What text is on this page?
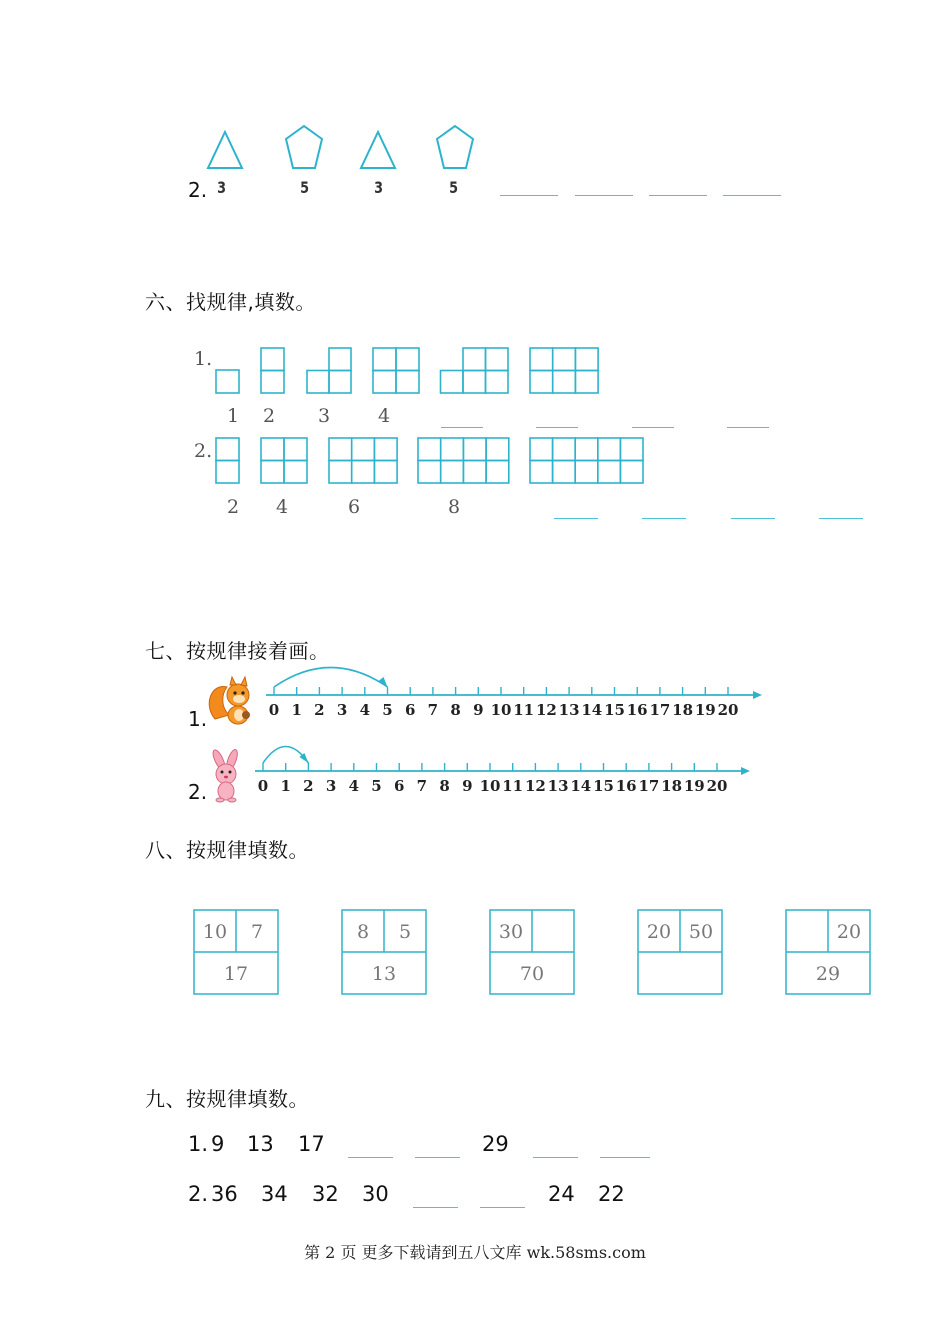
2. 3	5	3	5
六、找规律,填数。
1.
1 2 3	4
2.
2 4	6	8
七、按规律接着画。
1.	0 1 2 3 4 5 6 7 8 9 10 11 12 13 14 15 16 17 18 19 20
2.	0 1 2 3 4 5 6 7 8 9 10 11 12 13 14 15 16 17 18 19 20
八、按规律填数。
10 7
17
8 5
13
30
70
20 50	20
29
九、按规律填数。
1. 9 13 17	29
2. 36 34 32 30	24 22
第 2 页 更多下载请到五八文库 wk.58sms.com
